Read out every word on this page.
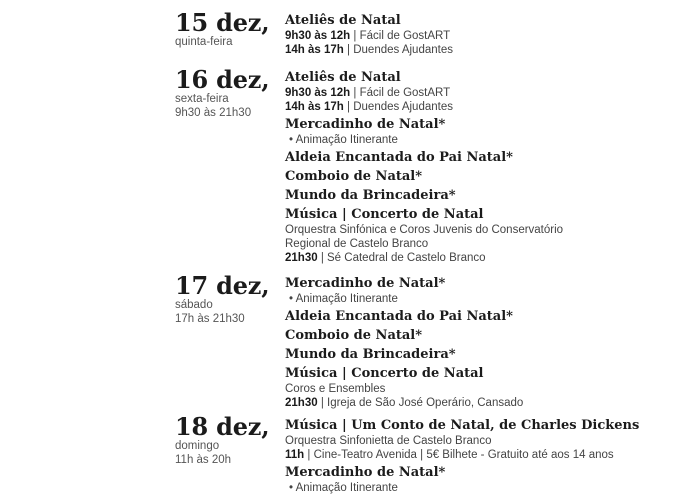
15 dez,
quinta-feira
Ateliês de Natal
9h30 às 12h | Fácil de GostART
14h às 17h | Duendes Ajudantes
16 dez,
sexta-feira
9h30 às 21h30
Ateliês de Natal
9h30 às 12h | Fácil de GostART
14h às 17h | Duendes Ajudantes
Mercadinho de Natal*
• Animação Itinerante
Aldeia Encantada do Pai Natal*
Comboio de Natal*
Mundo da Brincadeira*
Música | Concerto de Natal
Orquestra Sinfónica e Coros Juvenis do Conservatório
Regional de Castelo Branco
21h30 | Sé Catedral de Castelo Branco
17 dez,
sábado
17h às 21h30
Mercadinho de Natal*
• Animação Itinerante
Aldeia Encantada do Pai Natal*
Comboio de Natal*
Mundo da Brincadeira*
Música | Concerto de Natal
Coros e Ensembles
21h30 | Igreja de São José Operário, Cansado
18 dez,
domingo
11h às 20h
Música | Um Conto de Natal, de Charles Dickens
Orquestra Sinfonietta de Castelo Branco
11h | Cine-Teatro Avenida | 5€ Bilhete - Gratuito até aos 14 anos
Mercadinho de Natal*
• Animação Itinerante
